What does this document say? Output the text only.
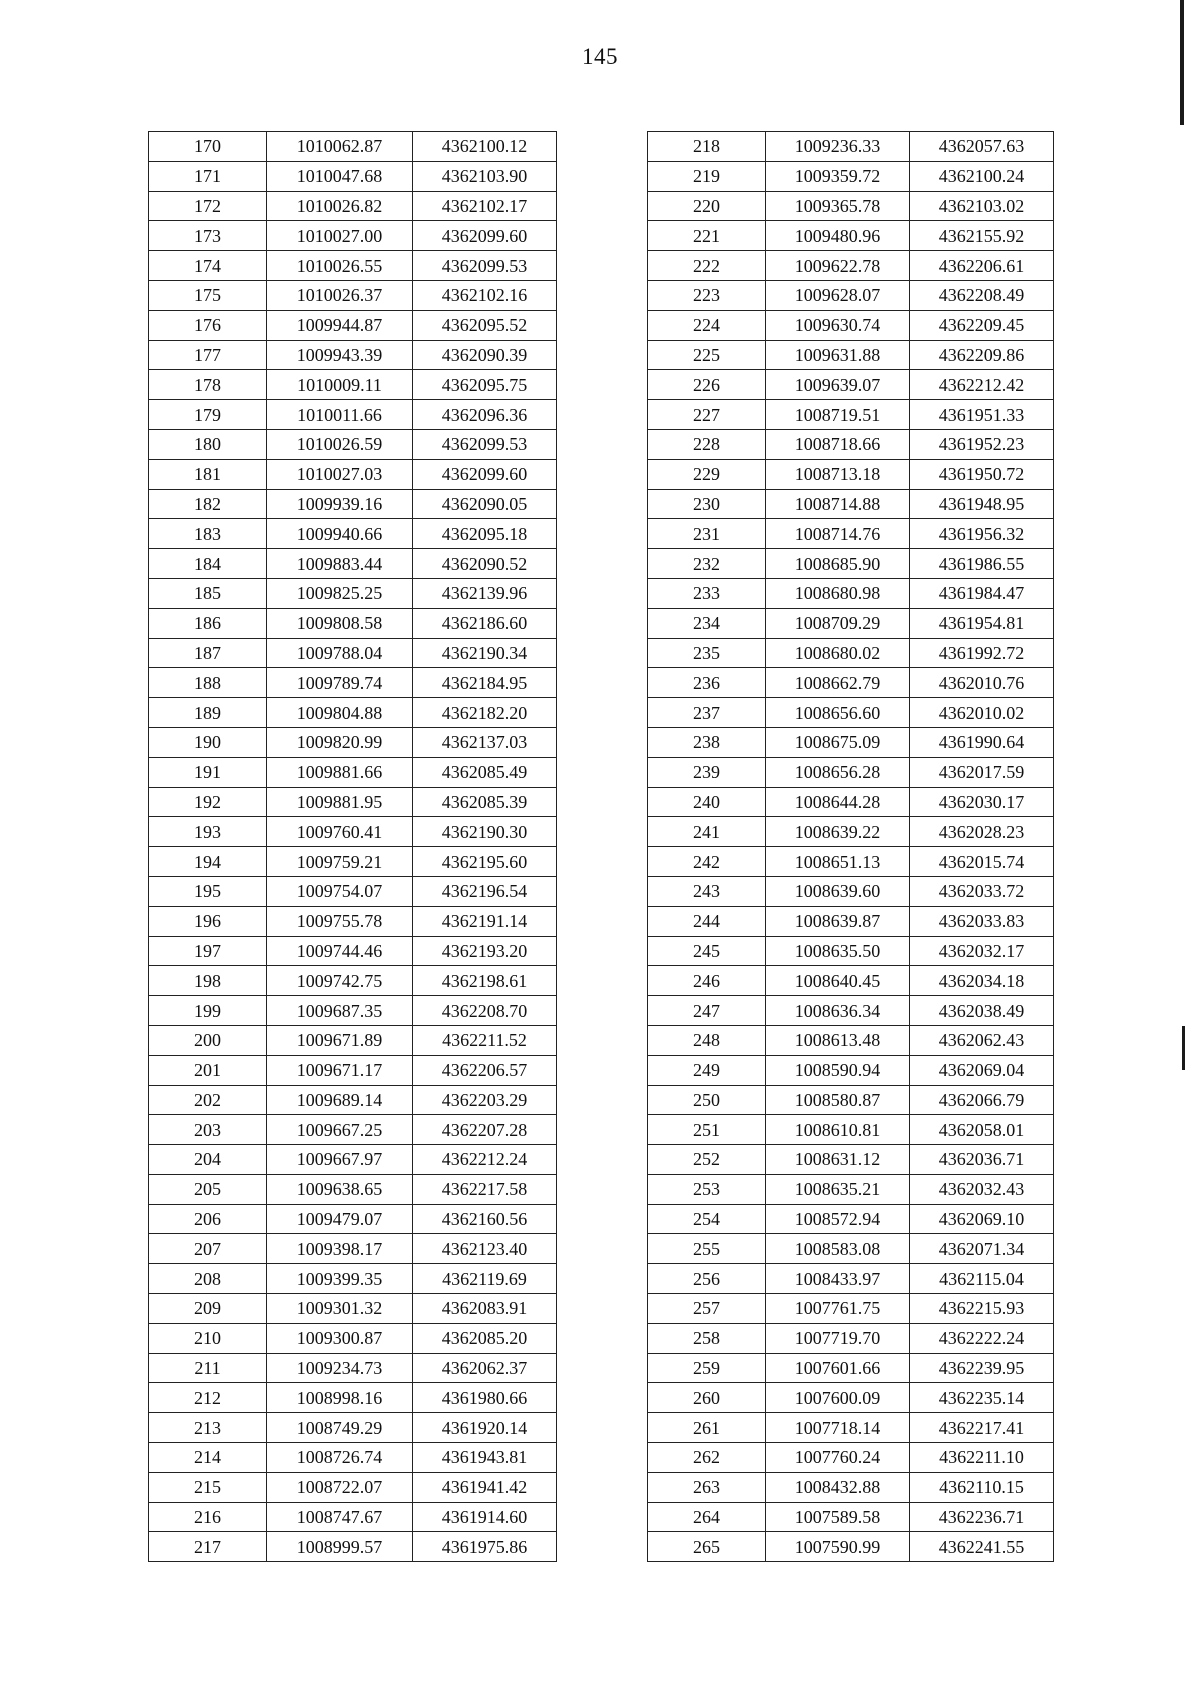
145
170	1010062.87	4362100.12
171	1010047.68	4362103.90
172	1010026.82	4362102.17
173	1010027.00	4362099.60
174	1010026.55	4362099.53
175	1010026.37	4362102.16
176	1009944.87	4362095.52
177	1009943.39	4362090.39
178	1010009.11	4362095.75
179	1010011.66	4362096.36
180	1010026.59	4362099.53
181	1010027.03	4362099.60
182	1009939.16	4362090.05
183	1009940.66	4362095.18
184	1009883.44	4362090.52
185	1009825.25	4362139.96
186	1009808.58	4362186.60
187	1009788.04	4362190.34
188	1009789.74	4362184.95
189	1009804.88	4362182.20
190	1009820.99	4362137.03
191	1009881.66	4362085.49
192	1009881.95	4362085.39
193	1009760.41	4362190.30
194	1009759.21	4362195.60
195	1009754.07	4362196.54
196	1009755.78	4362191.14
197	1009744.46	4362193.20
198	1009742.75	4362198.61
199	1009687.35	4362208.70
200	1009671.89	4362211.52
201	1009671.17	4362206.57
202	1009689.14	4362203.29
203	1009667.25	4362207.28
204	1009667.97	4362212.24
205	1009638.65	4362217.58
206	1009479.07	4362160.56
207	1009398.17	4362123.40
208	1009399.35	4362119.69
209	1009301.32	4362083.91
210	1009300.87	4362085.20
211	1009234.73	4362062.37
212	1008998.16	4361980.66
213	1008749.29	4361920.14
214	1008726.74	4361943.81
215	1008722.07	4361941.42
216	1008747.67	4361914.60
217	1008999.57	4361975.86
218	1009236.33	4362057.63
219	1009359.72	4362100.24
220	1009365.78	4362103.02
221	1009480.96	4362155.92
222	1009622.78	4362206.61
223	1009628.07	4362208.49
224	1009630.74	4362209.45
225	1009631.88	4362209.86
226	1009639.07	4362212.42
227	1008719.51	4361951.33
228	1008718.66	4361952.23
229	1008713.18	4361950.72
230	1008714.88	4361948.95
231	1008714.76	4361956.32
232	1008685.90	4361986.55
233	1008680.98	4361984.47
234	1008709.29	4361954.81
235	1008680.02	4361992.72
236	1008662.79	4362010.76
237	1008656.60	4362010.02
238	1008675.09	4361990.64
239	1008656.28	4362017.59
240	1008644.28	4362030.17
241	1008639.22	4362028.23
242	1008651.13	4362015.74
243	1008639.60	4362033.72
244	1008639.87	4362033.83
245	1008635.50	4362032.17
246	1008640.45	4362034.18
247	1008636.34	4362038.49
248	1008613.48	4362062.43
249	1008590.94	4362069.04
250	1008580.87	4362066.79
251	1008610.81	4362058.01
252	1008631.12	4362036.71
253	1008635.21	4362032.43
254	1008572.94	4362069.10
255	1008583.08	4362071.34
256	1008433.97	4362115.04
257	1007761.75	4362215.93
258	1007719.70	4362222.24
259	1007601.66	4362239.95
260	1007600.09	4362235.14
261	1007718.14	4362217.41
262	1007760.24	4362211.10
263	1008432.88	4362110.15
264	1007589.58	4362236.71
265	1007590.99	4362241.55
